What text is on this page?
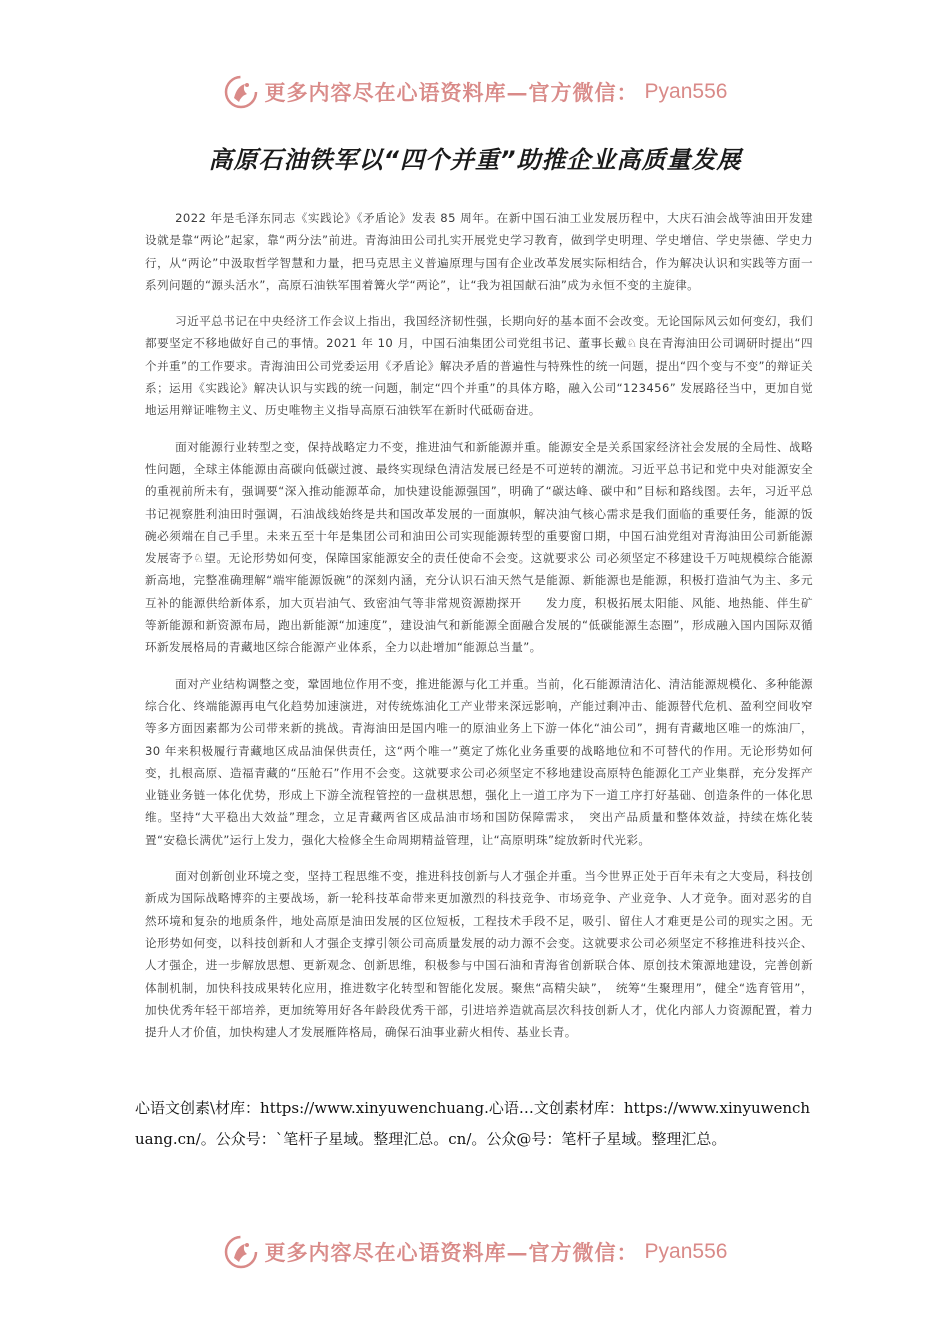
更多内容尽在心语资料库—官方微信： Pyan556
高原石油铁军以“四个并重”助推企业高质量发展

2022 年是毛泽东同志《实践论》《矛盾论》发表 85 周年。在新中国石油工业发展历程中，大庆石油会战等油田开发建设就是靠“两论”起家，靠“两分法”前进。青海油田公司扎实开展党史学习教育，做到学史明理、学史增信、学史崇德、学史力行，从“两论”中汲取哲学智慧和力量，把马克思主义普遍原理与国有企业改革发展实际相结合，作为解决认识和实践等方面一系列问题的“源头活水”，高原石油铁军围着篝火学“两论”，让“我为祖国献石油”成为永恒不变的主旋律。

习近平总书记在中央经济工作会议上指出，我国经济韧性强，长期向好的基本面不会改变。无论国际风云如何变幻，我们都要坚定不移地做好自己的事情。2021 年 10 月，中国石油集团公司党组书记、董事长戴♘良在青海油田公司调研时提出“四个并重”的工作要求。青海油田公司党委运用《矛盾论》解决矛盾的普遍性与特殊性的统一问题，提出“四个变与不变”的辩证关系；运用《实践论》解决认识与实践的统一问题，制定“四个并重”的具体方略，融入公司“123456” 发展路径当中，更加自觉地运用辩证唯物主义、历史唯物主义指导高原石油铁军在新时代砥砺奋进。

面对能源行业转型之变，保持战略定力不变，推进油气和新能源并重。能源安全是关系国家经济社会发展的全局性、战略性问题，全球主体能源由高碳向低碳过渡、最终实现绿色清洁发展已经是不可逆转的潮流。习近平总书记和党中央对能源安全的重视前所未有，强调要“深入推动能源革命，加快建设能源强国”，明确了“碳达峰、碳中和”目标和路线图。去年，习近平总书记视察胜利油田时强调，石油战线始终是共和国改革发展的一面旗帜，解决油气核心需求是我们面临的重要任务，能源的饭碗必须端在自己手里。未来五至十年是集团公司和油田公司实现能源转型的重要窗口期，中国石油党组对青海油田公司新能源发展寄予♘望。无论形势如何变，保障国家能源安全的责任使命不会变。这就要求公 司必须坚定不移建设千万吨规模综合能源新高地，完整准确理解“端牢能源饭碗”的深刻内涵，充分认识石油天然气是能源、新能源也是能源，积极打造油气为主、多元互补的能源供给新体系，加大页岩油气、致密油气等非常规资源勘探开　　发力度，积极拓展太阳能、风能、地热能、伴生矿等新能源和新资源布局，跑出新能源“加速度”，建设油气和新能源全面融合发展的“低碳能源生态圈”，形成融入国内国际双循环新发展格局的青藏地区综合能源产业体系，全力以赴增加“能源总当量”。

面对产业结构调整之变，鞏固地位作用不变，推进能源与化工并重。当前，化石能源清洁化、清洁能源规模化、多种能源综合化、终端能源再电气化趋势加速演进，对传统炼油化工产业带来深远影响，产能过剩冲击、能源替代危机、盈利空间收窄等多方面因素都为公司带来新的挑战。青海油田是国内唯一的原油业务上下游一体化“油公司”，拥有青藏地区唯一的炼油厂，30 年来积极履行青藏地区成品油保供责任，这“两个唯一”奠定了炼化业务重要的战略地位和不可替代的作用。无论形势如何变，扎根高原、造福青藏的“压舱石”作用不会变。这就要求公司必须坚定不移地建设高原特色能源化工产业集群，充分发挥产业链业务链一体化优势，形成上下游全流程管控的一盘棋思想，强化上一道工序为下一道工序打好基础、创造条件的一体化思维。坚持“大平稳出大效益”理念，立足青藏两省区成品油市场和国防保障需求，　突出产品质量和整体效益，持续在炼化装置“安稳长满优”运行上发力，强化大检修全生命周期精益管理，让“高原明珠”绽放新时代光彩。

面对创新创业环境之变，坚持工程思维不变，推进科技创新与人才强企并重。当今世界正处于百年未有之大变局，科技创新成为国际战略博弈的主要战场，新一轮科技革命带来更加激烈的科技竞争、市场竞争、产业竞争、人才竞争。面对恶劣的自然环境和复杂的地质条件，地处高原是油田发展的区位短板，工程技术手段不足，吸引、留住人才难更是公司的现实之困。无论形势如何变，以科技创新和人才强企支撑引领公司高质量发展的动力源不会变。这就要求公司必须坚定不移推进科技兴企、人才强企，进一步解放思想、更新观念、创新思维，积极参与中国石油和青海省创新联合体、原创技术策源地建设，完善创新体制机制，加快科技成果转化应用，推进数字化转型和智能化发展。聚焦“高精尖缺”，　统筹“生聚理用”，健全“选育管用”，加快优秀年轻干部培养，更加统筹用好各年龄段优秀干部，引进培养造就高层次科技创新人才，优化内部人力资源配置，着力提升人才价值，加快构建人才发展雁阵格局，确保石油事业薪火相传、基业长青。

心语文创素\材库：https://www.xinyuwenchuang.心语…文创素材库：https://www.xinyuwenchuang.cn/。公众号：`笔杆子星域。整理汇总。cn/。公众@号：笔杆子星域。整理汇总。

更多内容尽在心语资料库—官方微信： Pyan556
